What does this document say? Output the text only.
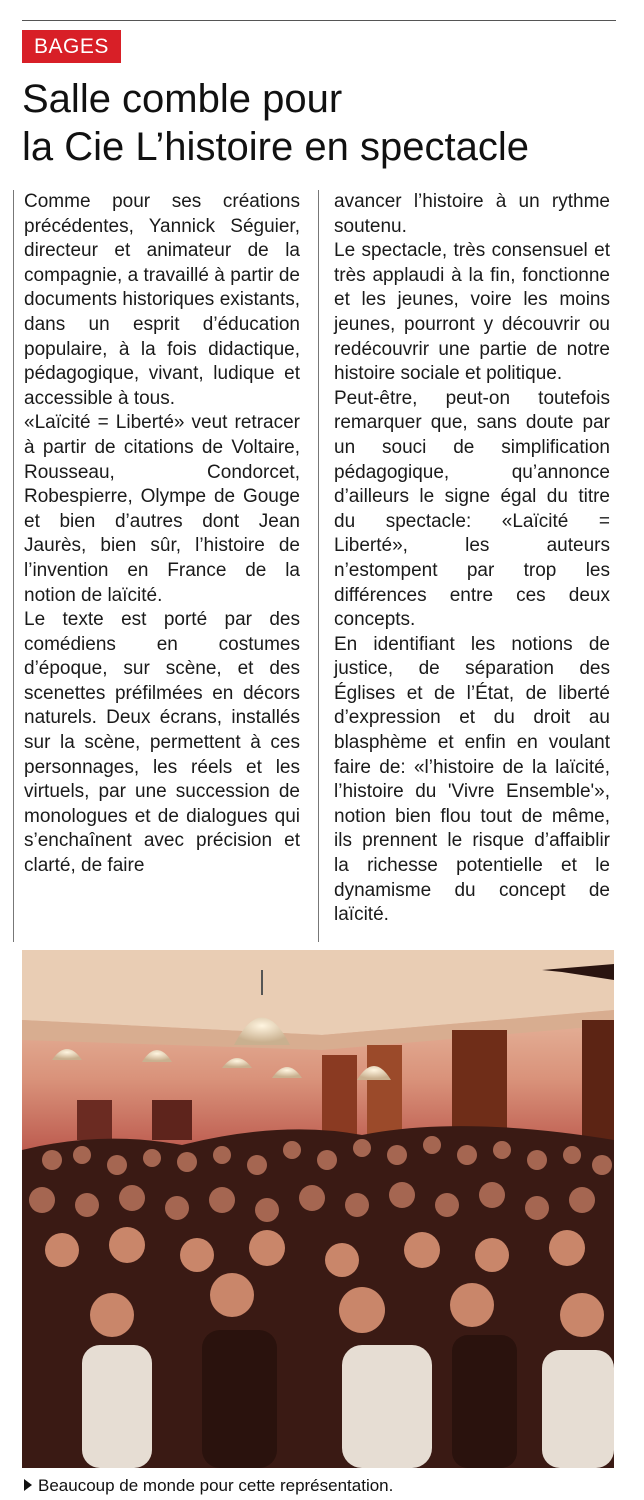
BAGES
Salle comble pour
la Cie L’histoire en spectacle

Comme pour ses créations précédentes, Yannick Séguier, directeur et animateur de la compagnie, a travaillé à partir de documents historiques existants, dans un esprit d’éducation populaire, à la fois didactique, pédagogique, vivant, ludique et accessible à tous.

«Laïcité = Liberté» veut retracer à partir de citations de Voltaire, Rousseau, Condorcet, Robespierre, Olympe de Gouge et bien d’autres dont Jean Jaurès, bien sûr, l’histoire de l’invention en France de la notion de laïcité.

Le texte est porté par des comédiens en costumes d’époque, sur scène, et des scenettes préfilmées en décors naturels. Deux écrans, installés sur la scène, permettent à ces personnages, les réels et les virtuels, par une succession de monologues et de dialogues qui s’enchaînent avec précision et clarté, de faire

avancer l’histoire à un rythme soutenu.

Le spectacle, très consensuel et très applaudi à la fin, fonctionne et les jeunes, voire les moins jeunes, pourront y découvrir ou redécouvrir une partie de notre histoire sociale et politique.

Peut-être, peut-on toutefois remarquer que, sans doute par un souci de simplification pédagogique, qu’annonce d’ailleurs le signe égal du titre du spectacle: «Laïcité = Liberté», les auteurs n’estompent par trop les différences entre ces deux concepts.

En identifiant les notions de justice, de séparation des Églises et de l’État, de liberté d’expression et du droit au blasphème et enfin en voulant faire de: «l’histoire de la laïcité, l’histoire du 'Vivre Ensemble'», notion bien flou tout de même, ils prennent le risque d’affaiblir la richesse potentielle et le dynamisme du concept de laïcité.

Beaucoup de monde pour cette représentation.
